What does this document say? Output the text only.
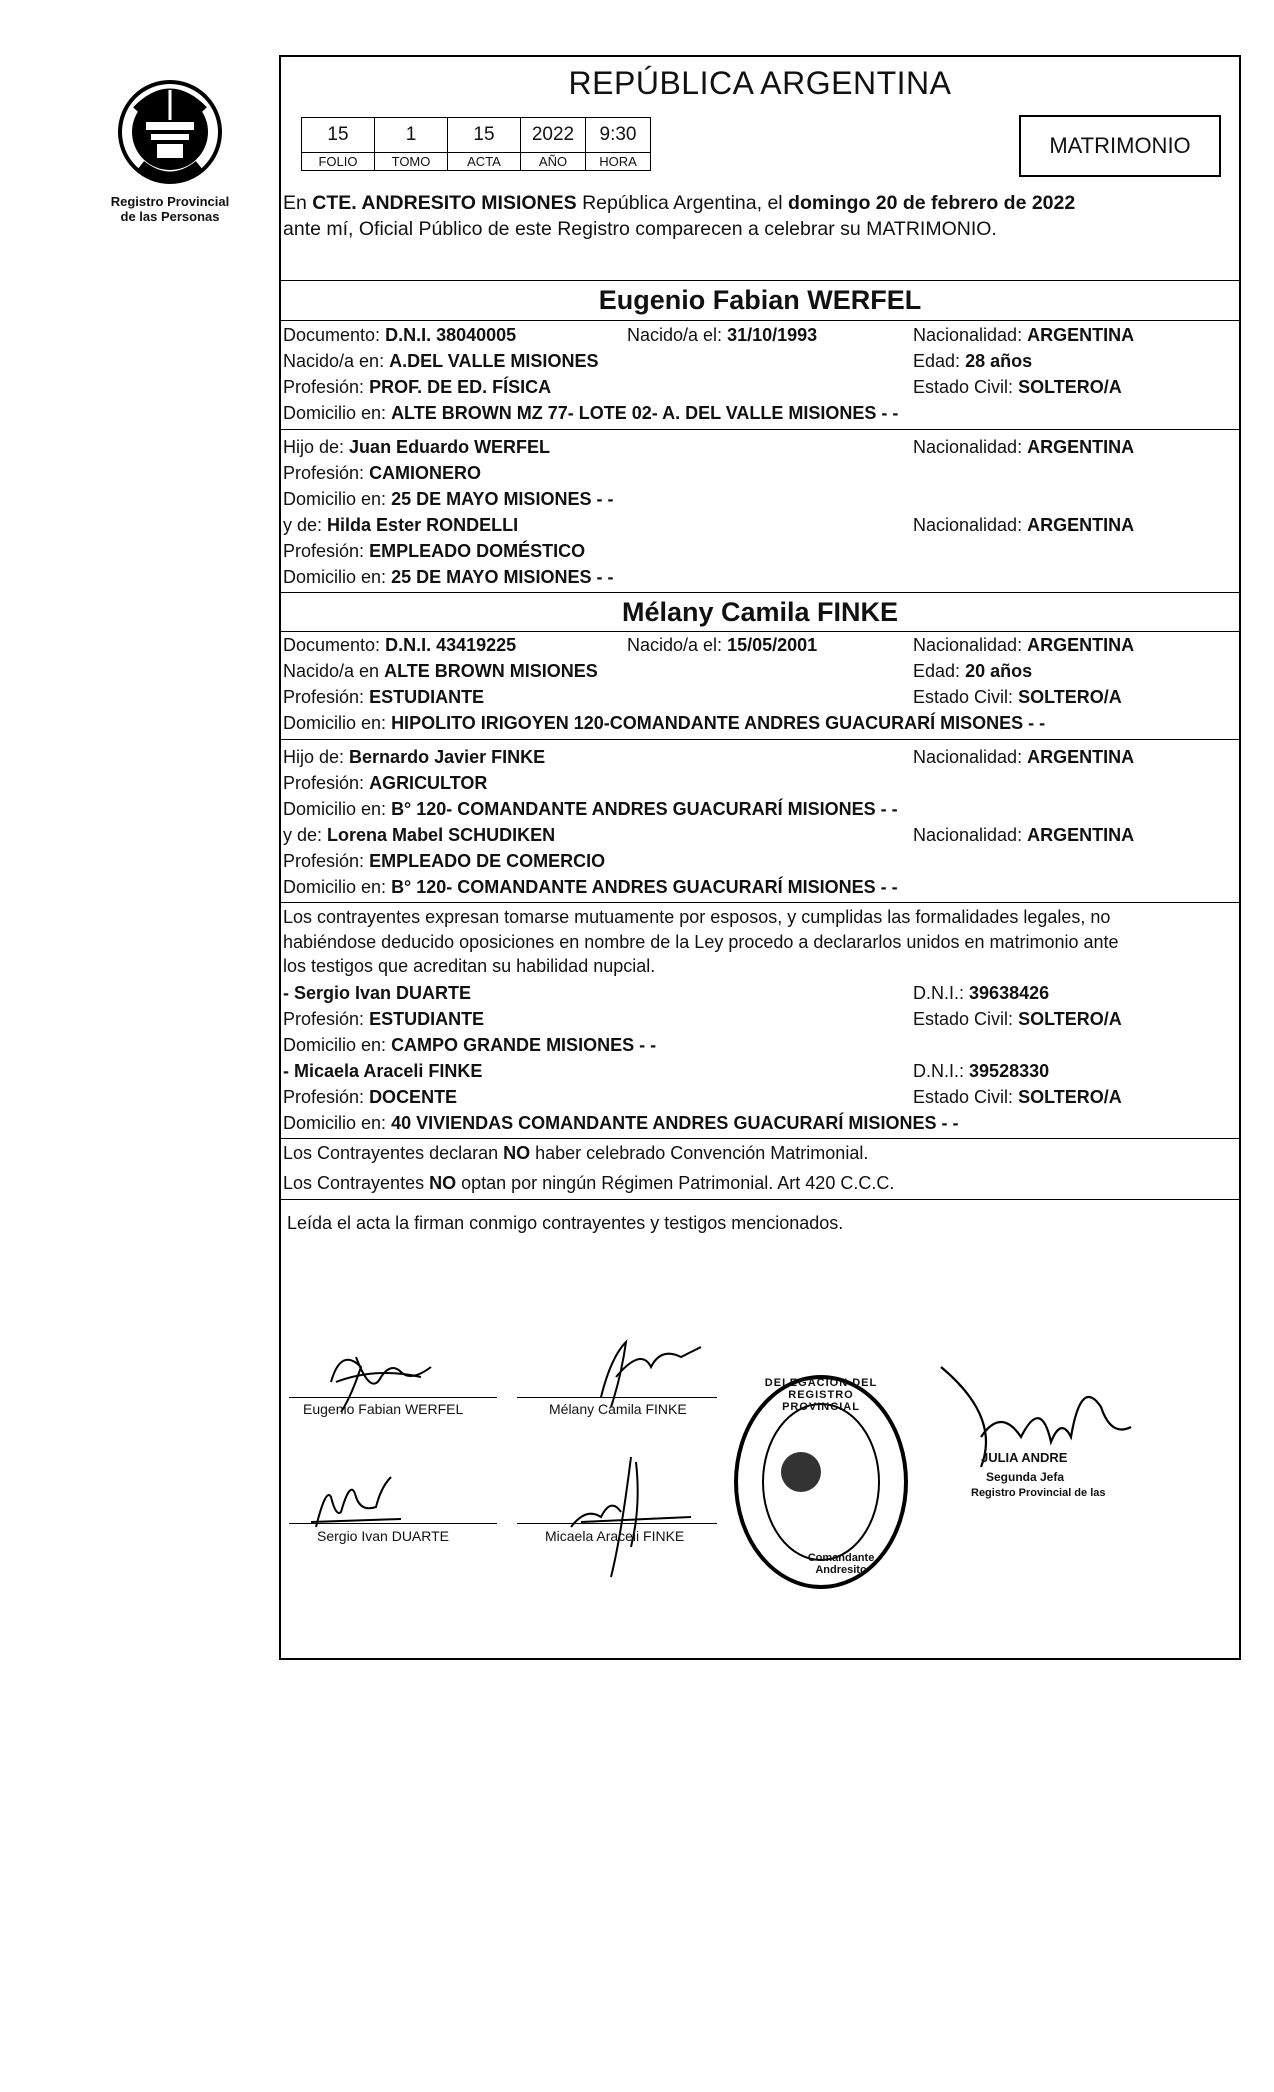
Registro Provincial
de las Personas
REPÚBLICA ARGENTINA
15	1	15	2022	9:30
FOLIO	TOMO	ACTA	AÑO	HORA
MATRIMONIO
En CTE. ANDRESITO MISIONES República Argentina, el domingo 20 de febrero de 2022
ante mí, Oficial Público de este Registro comparecen a celebrar su MATRIMONIO.
Eugenio Fabian WERFEL
Documento: D.N.I. 38040005	Nacido/a el: 31/10/1993	Nacionalidad: ARGENTINA
Nacido/a en: A.DEL VALLE MISIONES	Edad: 28 años
Profesión: PROF. DE ED. FÍSICA	Estado Civil: SOLTERO/A
Domicilio en: ALTE BROWN MZ 77- LOTE 02- A. DEL VALLE MISIONES - -
Hijo de: Juan Eduardo WERFEL	Nacionalidad: ARGENTINA
Profesión: CAMIONERO
Domicilio en: 25 DE MAYO MISIONES - -
y de: Hilda Ester RONDELLI	Nacionalidad: ARGENTINA
Profesión: EMPLEADO DOMÉSTICO
Domicilio en: 25 DE MAYO MISIONES - -
Mélany Camila FINKE
Documento: D.N.I. 43419225	Nacido/a el: 15/05/2001	Nacionalidad: ARGENTINA
Nacido/a en ALTE BROWN MISIONES	Edad: 20 años
Profesión: ESTUDIANTE	Estado Civil: SOLTERO/A
Domicilio en: HIPOLITO IRIGOYEN 120-COMANDANTE ANDRES GUACURARÍ MISONES - -
Hijo de: Bernardo Javier FINKE	Nacionalidad: ARGENTINA
Profesión: AGRICULTOR
Domicilio en: B° 120- COMANDANTE ANDRES GUACURARÍ MISIONES - -
y de: Lorena Mabel SCHUDIKEN	Nacionalidad: ARGENTINA
Profesión: EMPLEADO DE COMERCIO
Domicilio en: B° 120- COMANDANTE ANDRES GUACURARÍ MISIONES - -
Los contrayentes expresan tomarse mutuamente por esposos, y cumplidas las formalidades legales, no
habiéndose deducido oposiciones en nombre de la Ley procedo a declararlos unidos en matrimonio ante
los testigos que acreditan su habilidad nupcial.
- Sergio Ivan DUARTE	D.N.I.: 39638426
Profesión: ESTUDIANTE	Estado Civil: SOLTERO/A
Domicilio en: CAMPO GRANDE MISIONES - -
- Micaela Araceli FINKE	D.N.I.: 39528330
Profesión: DOCENTE	Estado Civil: SOLTERO/A
Domicilio en: 40 VIVIENDAS COMANDANTE ANDRES GUACURARÍ MISIONES - -
Los Contrayentes declaran NO haber celebrado Convención Matrimonial.
Los Contrayentes NO optan por ningún Régimen Patrimonial. Art 420 C.C.C.
Leída el acta la firman conmigo contrayentes y testigos mencionados.
Eugenio Fabian WERFEL	Mélany Camila FINKE
Sergio Ivan DUARTE	Micaela Araceli FINKE
DELEGACION DEL REGISTRO PROVINCIAL
Comandante Andresito
JULIA ANDRE
Segunda Jefa
Registro Provincial de las
